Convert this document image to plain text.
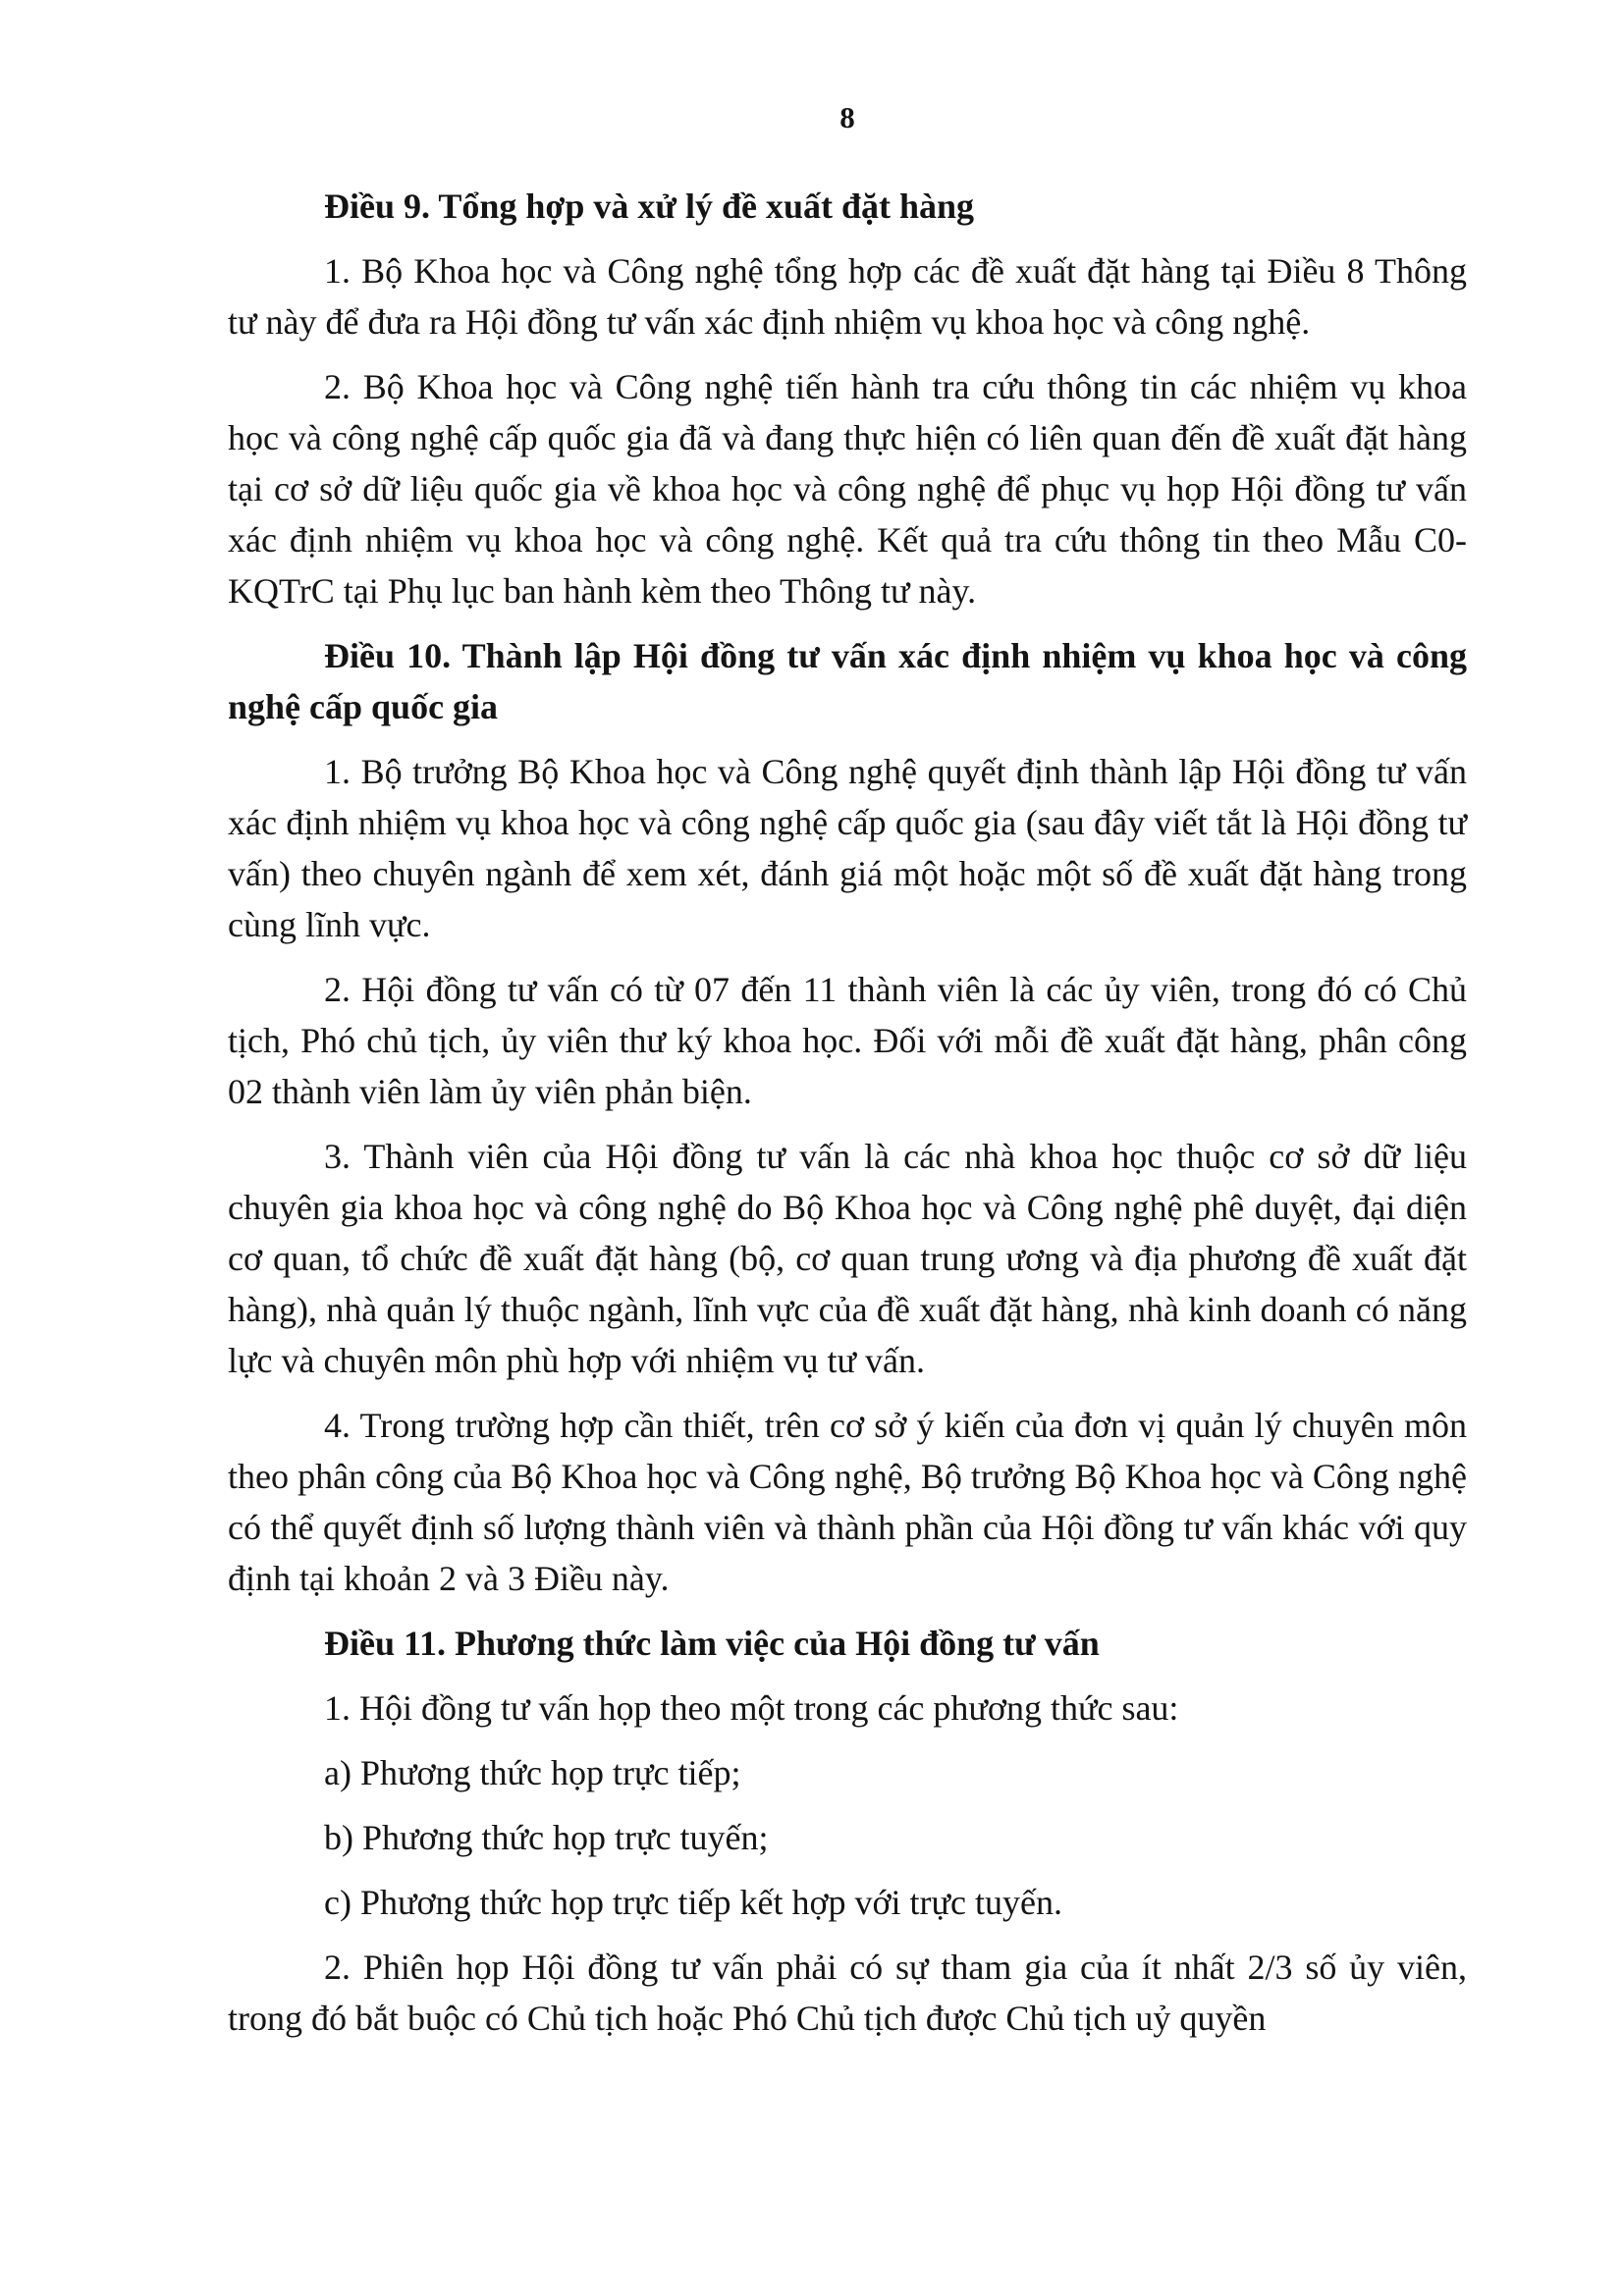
8

Điều 9. Tổng hợp và xử lý đề xuất đặt hàng

1. Bộ Khoa học và Công nghệ tổng hợp các đề xuất đặt hàng tại Điều 8 Thông tư này để đưa ra Hội đồng tư vấn xác định nhiệm vụ khoa học và công nghệ.

2. Bộ Khoa học và Công nghệ tiến hành tra cứu thông tin các nhiệm vụ khoa học và công nghệ cấp quốc gia đã và đang thực hiện có liên quan đến đề xuất đặt hàng tại cơ sở dữ liệu quốc gia về khoa học và công nghệ để phục vụ họp Hội đồng tư vấn xác định nhiệm vụ khoa học và công nghệ. Kết quả tra cứu thông tin theo Mẫu C0-KQTrC tại Phụ lục ban hành kèm theo Thông tư này.

Điều 10. Thành lập Hội đồng tư vấn xác định nhiệm vụ khoa học và công nghệ cấp quốc gia

1. Bộ trưởng Bộ Khoa học và Công nghệ quyết định thành lập Hội đồng tư vấn xác định nhiệm vụ khoa học và công nghệ cấp quốc gia (sau đây viết tắt là Hội đồng tư vấn) theo chuyên ngành để xem xét, đánh giá một hoặc một số đề xuất đặt hàng trong cùng lĩnh vực.

2. Hội đồng tư vấn có từ 07 đến 11 thành viên là các ủy viên, trong đó có Chủ tịch, Phó chủ tịch, ủy viên thư ký khoa học. Đối với mỗi đề xuất đặt hàng, phân công 02 thành viên làm ủy viên phản biện.

3. Thành viên của Hội đồng tư vấn là các nhà khoa học thuộc cơ sở dữ liệu chuyên gia khoa học và công nghệ do Bộ Khoa học và Công nghệ phê duyệt, đại diện cơ quan, tổ chức đề xuất đặt hàng (bộ, cơ quan trung ương và địa phương đề xuất đặt hàng), nhà quản lý thuộc ngành, lĩnh vực của đề xuất đặt hàng, nhà kinh doanh có năng lực và chuyên môn phù hợp với nhiệm vụ tư vấn.

4. Trong trường hợp cần thiết, trên cơ sở ý kiến của đơn vị quản lý chuyên môn theo phân công của Bộ Khoa học và Công nghệ, Bộ trưởng Bộ Khoa học và Công nghệ có thể quyết định số lượng thành viên và thành phần của Hội đồng tư vấn khác với quy định tại khoản 2 và 3 Điều này.

Điều 11. Phương thức làm việc của Hội đồng tư vấn

1. Hội đồng tư vấn họp theo một trong các phương thức sau:

a) Phương thức họp trực tiếp;

b) Phương thức họp trực tuyến;

c) Phương thức họp trực tiếp kết hợp với trực tuyến.

2. Phiên họp Hội đồng tư vấn phải có sự tham gia của ít nhất 2/3 số ủy viên, trong đó bắt buộc có Chủ tịch hoặc Phó Chủ tịch được Chủ tịch uỷ quyền
